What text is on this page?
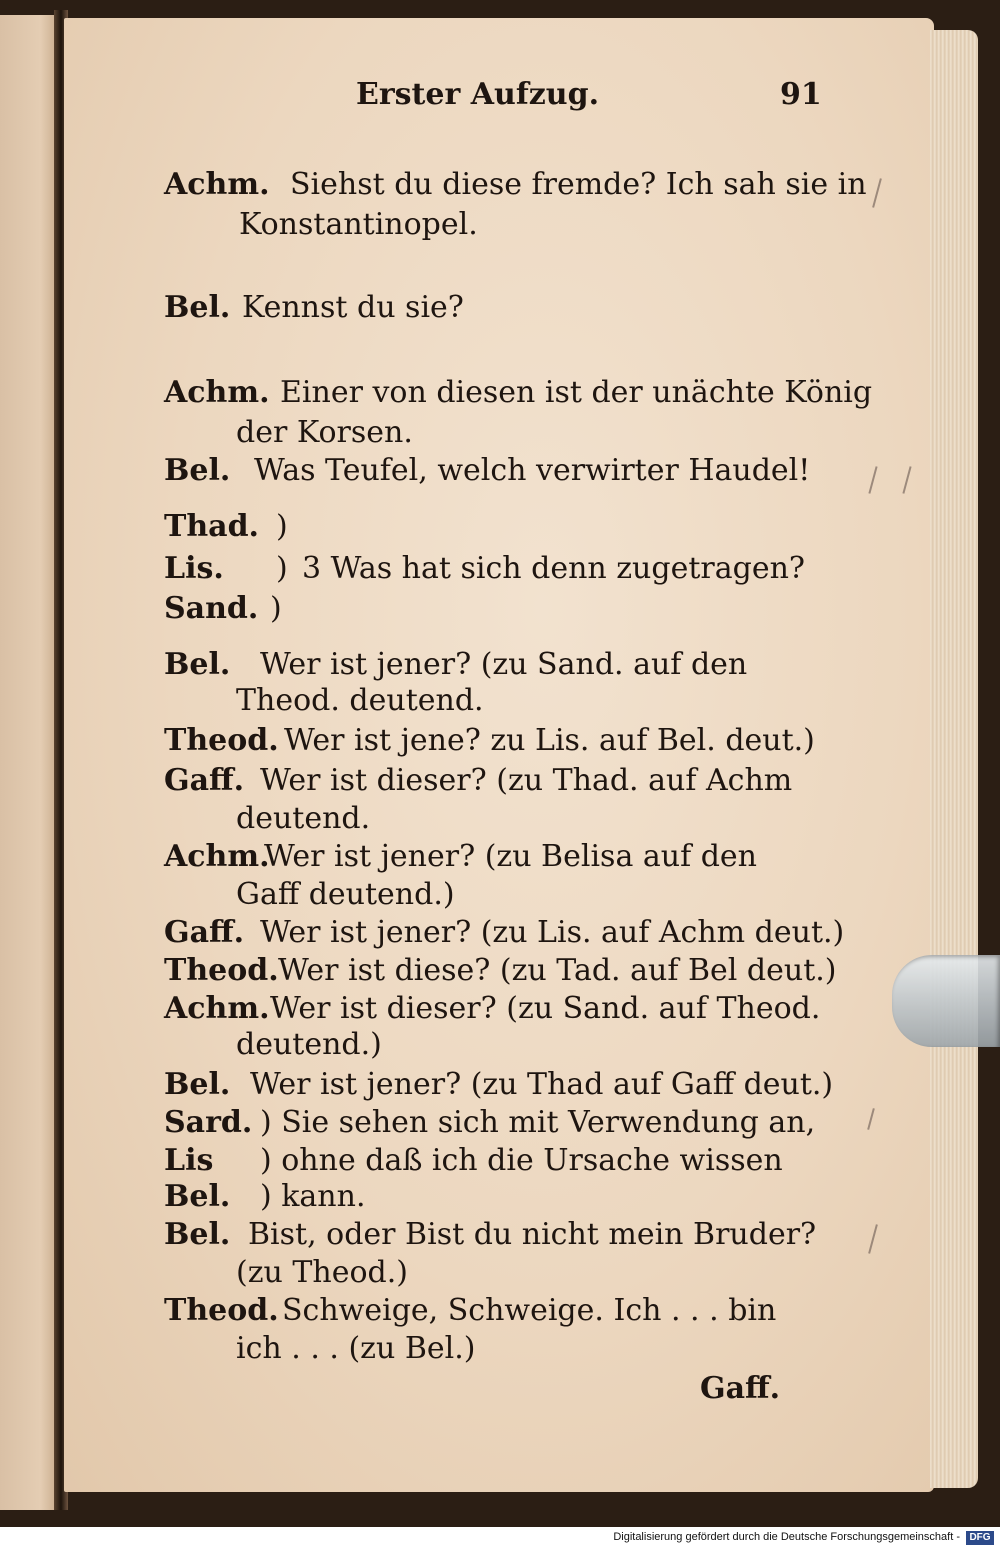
Erster Aufzug.	91
Achm. Siehst du diese fremde? Ich sah sie in
Konstantinopel.
Bel. Kennst du sie?
Achm. Einer von diesen ist der unächte König
der Korsen.
Bel. Was Teufel, welch verwirter Haudel!
Thad. )
Lis. ) 3 Was hat sich denn zugetragen?
Sand. )
Bel. Wer ist jener? (zu Sand. auf den
Theod. deutend.
Theod. Wer ist jene? zu Lis. auf Bel. deut.)
Gaff. Wer ist dieser? (zu Thad. auf Achm
deutend.
Achm.
Wer ist jener? (zu Belisa auf den
Gaff deutend.)
Gaff. Wer ist jener? (zu Lis. auf Achm deut.)
Theod. Wer ist diese? (zu Tad. auf Bel deut.)
Achm. Wer ist dieser? (zu Sand. auf Theod.
deutend.)
Bel. Wer ist jener? (zu Thad auf Gaff deut.)
Sard. ) Sie sehen sich mit Verwendung an,
Lis ) ohne daß ich die Ursache wissen
Bel. ) kann.
Bel. Bist, oder Bist du nicht mein Bruder?
(zu Theod.)
Theod. Schweige, Schweige. Ich . . . bin
ich . . . (zu Bel.)
Gaff.
Digitalisierung gefördert durch die Deutsche Forschungsgemeinschaft - DFG
